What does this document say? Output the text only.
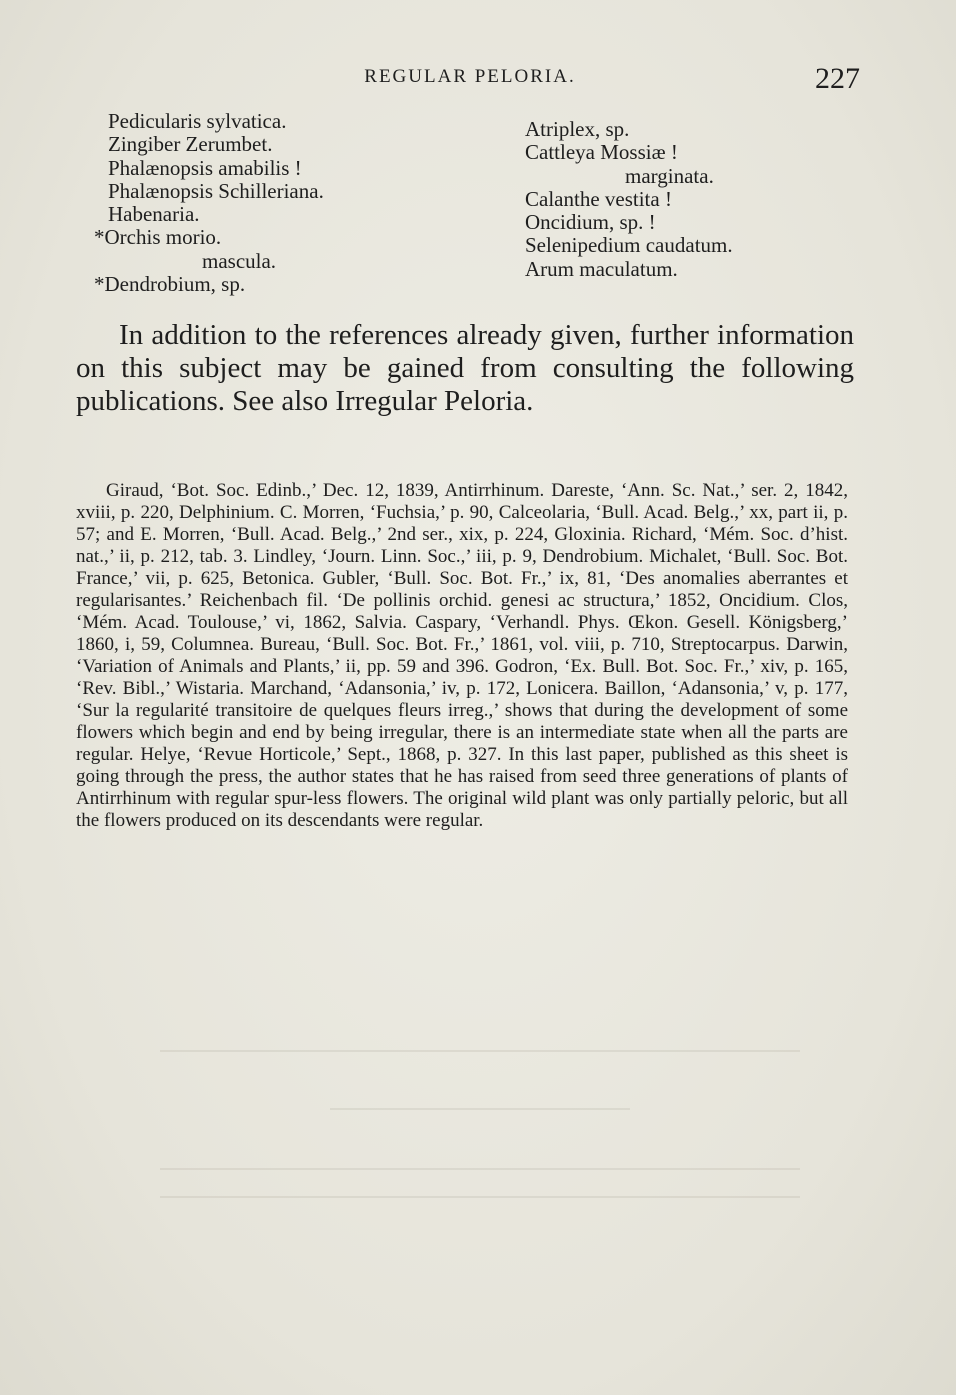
REGULAR PELORIA.	227
Pedicularis sylvatica.
Zingiber Zerumbet.
Phalænopsis amabilis !
Phalænopsis Schilleriana.
Habenaria.
*Orchis morio.
mascula.
*Dendrobium, sp.
Atriplex, sp.
Cattleya Mossiæ !
marginata.
Calanthe vestita !
Oncidium, sp. !
Selenipedium caudatum.
Arum maculatum.

In addition to the references already given, further information on this subject may be gained from consulting the following publications. See also Irregular Peloria.

Giraud, ‘Bot. Soc. Edinb.,’ Dec. 12, 1839, Antirrhinum. Dareste, ‘Ann. Sc. Nat.,’ ser. 2, 1842, xviii, p. 220, Delphinium. C. Morren, ‘Fuchsia,’ p. 90, Calceolaria, ‘Bull. Acad. Belg.,’ xx, part ii, p. 57; and E. Morren, ‘Bull. Acad. Belg.,’ 2nd ser., xix, p. 224, Gloxinia. Richard, ‘Mém. Soc. d’hist. nat.,’ ii, p. 212, tab. 3. Lindley, ‘Journ. Linn. Soc.,’ iii, p. 9, Dendrobium. Michalet, ‘Bull. Soc. Bot. France,’ vii, p. 625, Betonica. Gubler, ‘Bull. Soc. Bot. Fr.,’ ix, 81, ‘Des anomalies aberrantes et regularisantes.’ Reichenbach fil. ‘De pollinis orchid. genesi ac structura,’ 1852, Oncidium. Clos, ‘Mém. Acad. Toulouse,’ vi, 1862, Salvia. Caspary, ‘Verhandl. Phys. Œkon. Gesell. Königsberg,’ 1860, i, 59, Columnea. Bureau, ‘Bull. Soc. Bot. Fr.,’ 1861, vol. viii, p. 710, Streptocarpus. Darwin, ‘Variation of Animals and Plants,’ ii, pp. 59 and 396. Godron, ‘Ex. Bull. Bot. Soc. Fr.,’ xiv, p. 165, ‘Rev. Bibl.,’ Wistaria. Marchand, ‘Adansonia,’ iv, p. 172, Lonicera. Baillon, ‘Adansonia,’ v, p. 177, ‘Sur la regularité transitoire de quelques fleurs irreg.,’ shows that during the development of some flowers which begin and end by being irregular, there is an intermediate state when all the parts are regular. Helye, ‘Revue Horticole,’ Sept., 1868, p. 327. In this last paper, published as this sheet is going through the press, the author states that he has raised from seed three generations of plants of Antirrhinum with regular spur-less flowers. The original wild plant was only partially peloric, but all the flowers produced on its descendants were regular.
